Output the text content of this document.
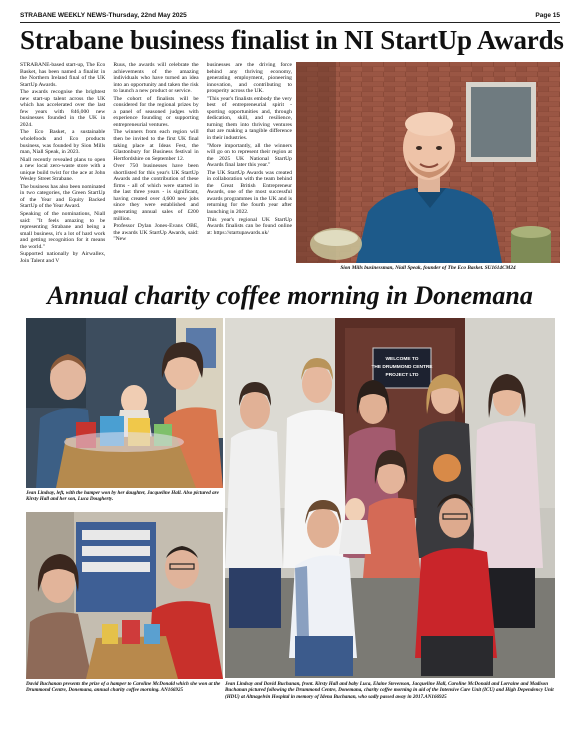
STRABANE WEEKLY NEWS-Thursday, 22nd May 2025	Page 15
Strabane business finalist in NI StartUp Awards

STRABANE-based start-up, The Eco Basket, has been named a finalist in the Northern Ireland final of the UK StartUp Awards.

The awards recognise the brightest new start-up talent across the UK which has accelerated over the last few years with 846,000 new businesses founded in the UK in 2024.

The Eco Basket, a sustainable wholefoods and Eco products business, was founded by Sion Mills man, Niall Speak, in 2023.

Niall recently revealed plans to open a new local zero-waste store with a unique build twist for the ace at John Wesley Street Strabane.

The business has also been nominated in two categories, the Green StartUp of the Year and Equity Backed StartUp of the Year Award.

Speaking of the nominations, Niall said: "It feels amazing to be representing Strabane and being a small business, it's a lot of hard work and getting recognition for it means the world."

Supported nationally by Airwallex, Join Talent and V

Ruus, the awards will celebrate the achievements of the amazing individuals who have turned an idea into an opportunity and taken the risk to launch a new product or service.

The cohort of finalists will be considered for the regional prizes by a panel of seasoned judges with experience founding or supporting entrepreneurial ventures.

The winners from each region will then be invited to the first UK final taking place at Ideas Fest, the Glastonbury for Business festival in Hertfordshire on September 12.

Over 750 businesses have been shortlisted for this year's UK StartUp Awards and the contribution of these firms - all of which were started in the last three years - is significant, having created over 4,600 new jobs since they were established and generating annual sales of £200 million.

Professor Dylan Jones-Evans OBE, the awards UK StartUp Awards, said: "New

businesses are the driving force behind any thriving economy, generating employment, pioneering innovation, and contributing to prosperity across the UK.

"This year's finalists embody the very best of entrepreneurial spirit - sporting opportunities and, through dedication, skill, and resilience, turning them into thriving ventures that are making a tangible difference in their industries.

"More importantly, all the winners will go on to represent their region at the 2025 UK National StartUp Awards final later this year."

The UK StartUp Awards was created in collaboration with the team behind the Great British Entrepreneur Awards, one of the most successful awards programmes in the UK and is returning for the fourth year after launching in 2022.

This year's regional UK StartUp Awards finalists can be found online at: https://startupawards.uk/

Sion Mills businessman, Niall Speak, founder of The Eco Basket. SU1614CM24
Annual charity coffee morning in Donemana
Jean Lindsay, left, with the hamper won by her daughter, Jacqueline Hall. Also pictured are Kirsty Hall and her son, Luca Dougherty.
David Buchanan presents the prize of a hamper to Caroline McDonald which she won at the Drummond Centre, Donemana, annual charity coffee morning. AN166925
WELCOME TO
THE DRUMMOND CENTRE
PROJECT LTD
Jean Lindsay and David Buchanan, front. Kirsty Hall and baby Luca, Elaine Stevenson, Jacqueline Hall, Caroline McDonald and Lorraine and Madison Buchanan pictured following the Drummond Centre, Donemana, charity coffee morning in aid of the Intensive Care Unit (ICU) and High Dependency Unit (HDU) at Altnagelvin Hospital in memory of Idena Buchanan, who sadly passed away in 2017.AN166925
